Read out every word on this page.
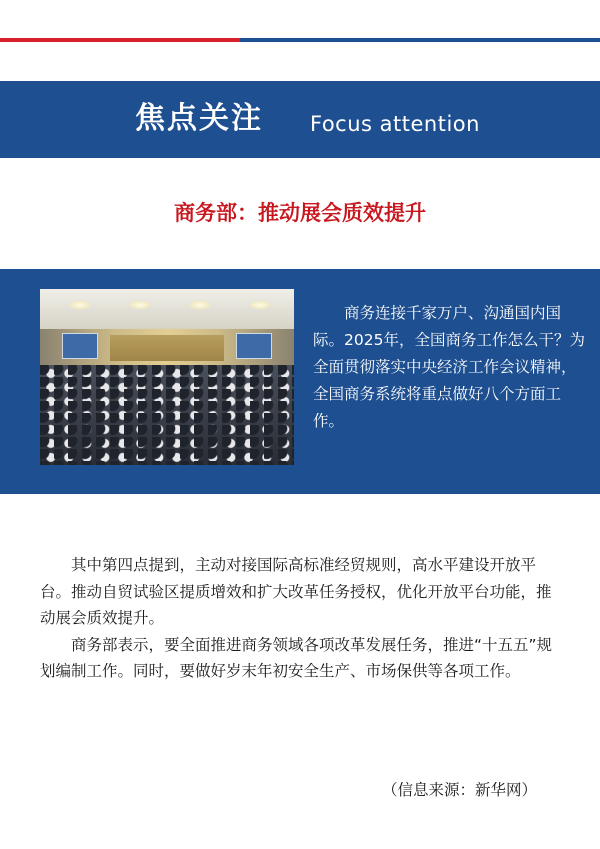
焦点关注 Focus attention
商务部：推动展会质效提升
商务连接千家万户、沟通国内国际。2025年，全国商务工作怎么干？为全面贯彻落实中央经济工作会议精神，全国商务系统将重点做好八个方面工作。

其中第四点提到，主动对接国际高标准经贸规则，高水平建设开放平台。推动自贸试验区提质增效和扩大改革任务授权，优化开放平台功能，推动展会质效提升。

商务部表示，要全面推进商务领域各项改革发展任务，推进“十五五”规划编制工作。同时，要做好岁末年初安全生产、市场保供等各项工作。

（信息来源：新华网）
